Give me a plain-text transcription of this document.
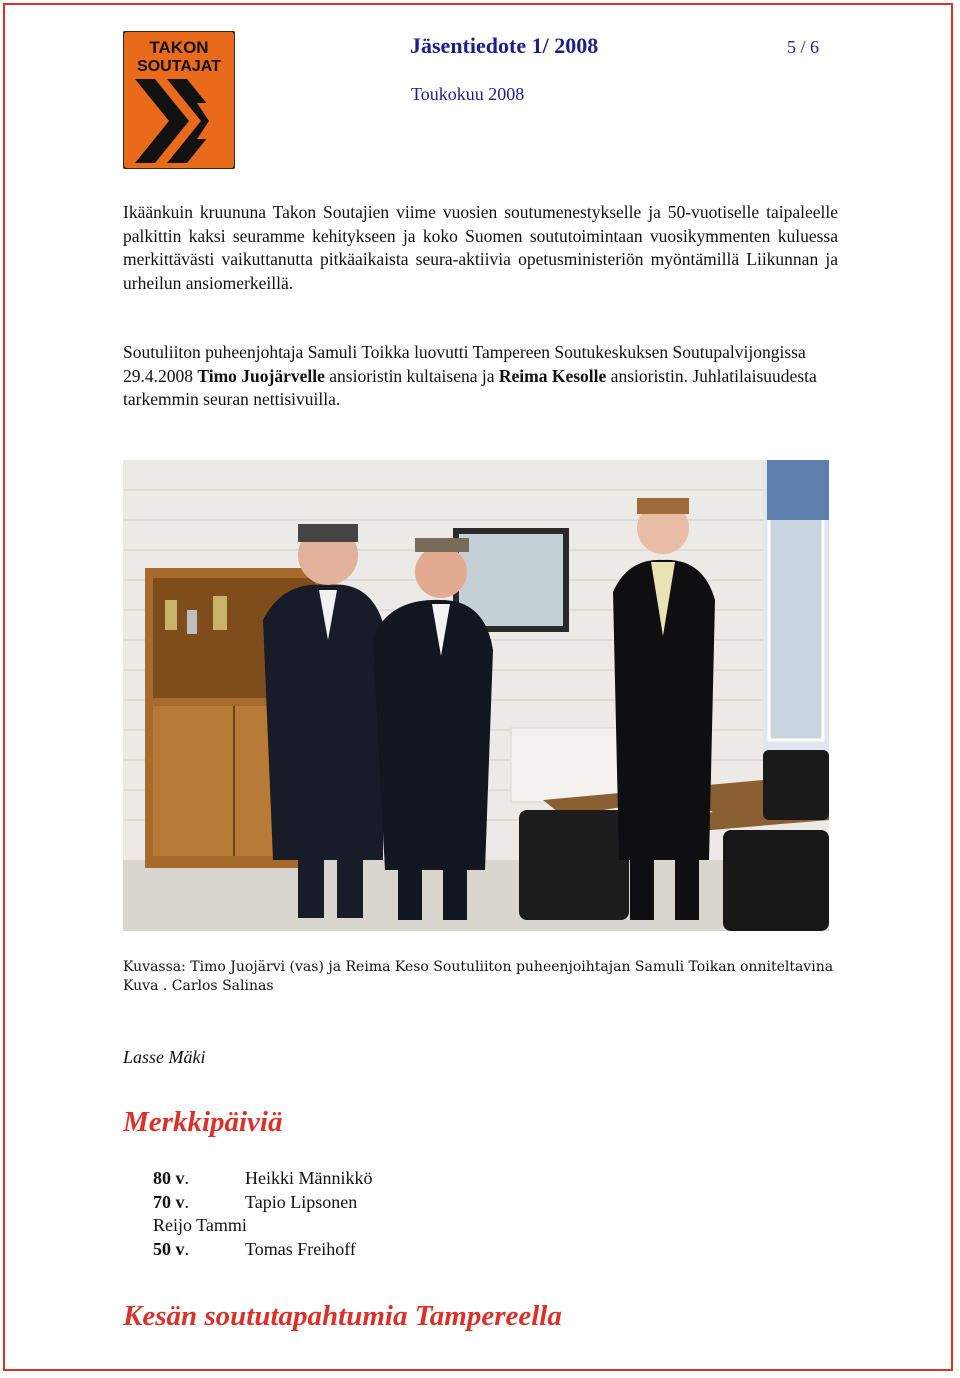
TAKON
SOUTAJAT
Jäsentiedote 1/ 2008	5 / 6
Toukokuu 2008
Ikäänkuin kruununa Takon Soutajien viime vuosien soutumenestykselle ja 50-vuotiselle taipaleelle palkittin kaksi seuramme kehitykseen ja koko Suomen soututoimintaan vuosikymmenten kuluessa merkittävästi vaikuttanutta pitkäaikaista seura-aktiivia opetusministeriön myöntämillä Liikunnan ja urheilun ansiomerkeillä.
Soutuliiton puheenjohtaja Samuli Toikka luovutti Tampereen Soutukeskuksen Soutupalvijongissa 29.4.2008 Timo Juojärvelle ansioristin kultaisena ja Reima Kesolle ansioristin. Juhlatilaisuudesta tarkemmin seuran nettisivuilla.
Kuvassa: Timo Juojärvi (vas) ja Reima Keso Soutuliiton puheenjoihtajan Samuli Toikan onniteltavina
Kuva . Carlos Salinas
Lasse Mäki
Merkkipäiviä
80 v.	Heikki Männikkö
70 v.	Tapio Lipsonen
Reijo Tammi
50 v.	Tomas Freihoff
Kesän soututapahtumia Tampereella
